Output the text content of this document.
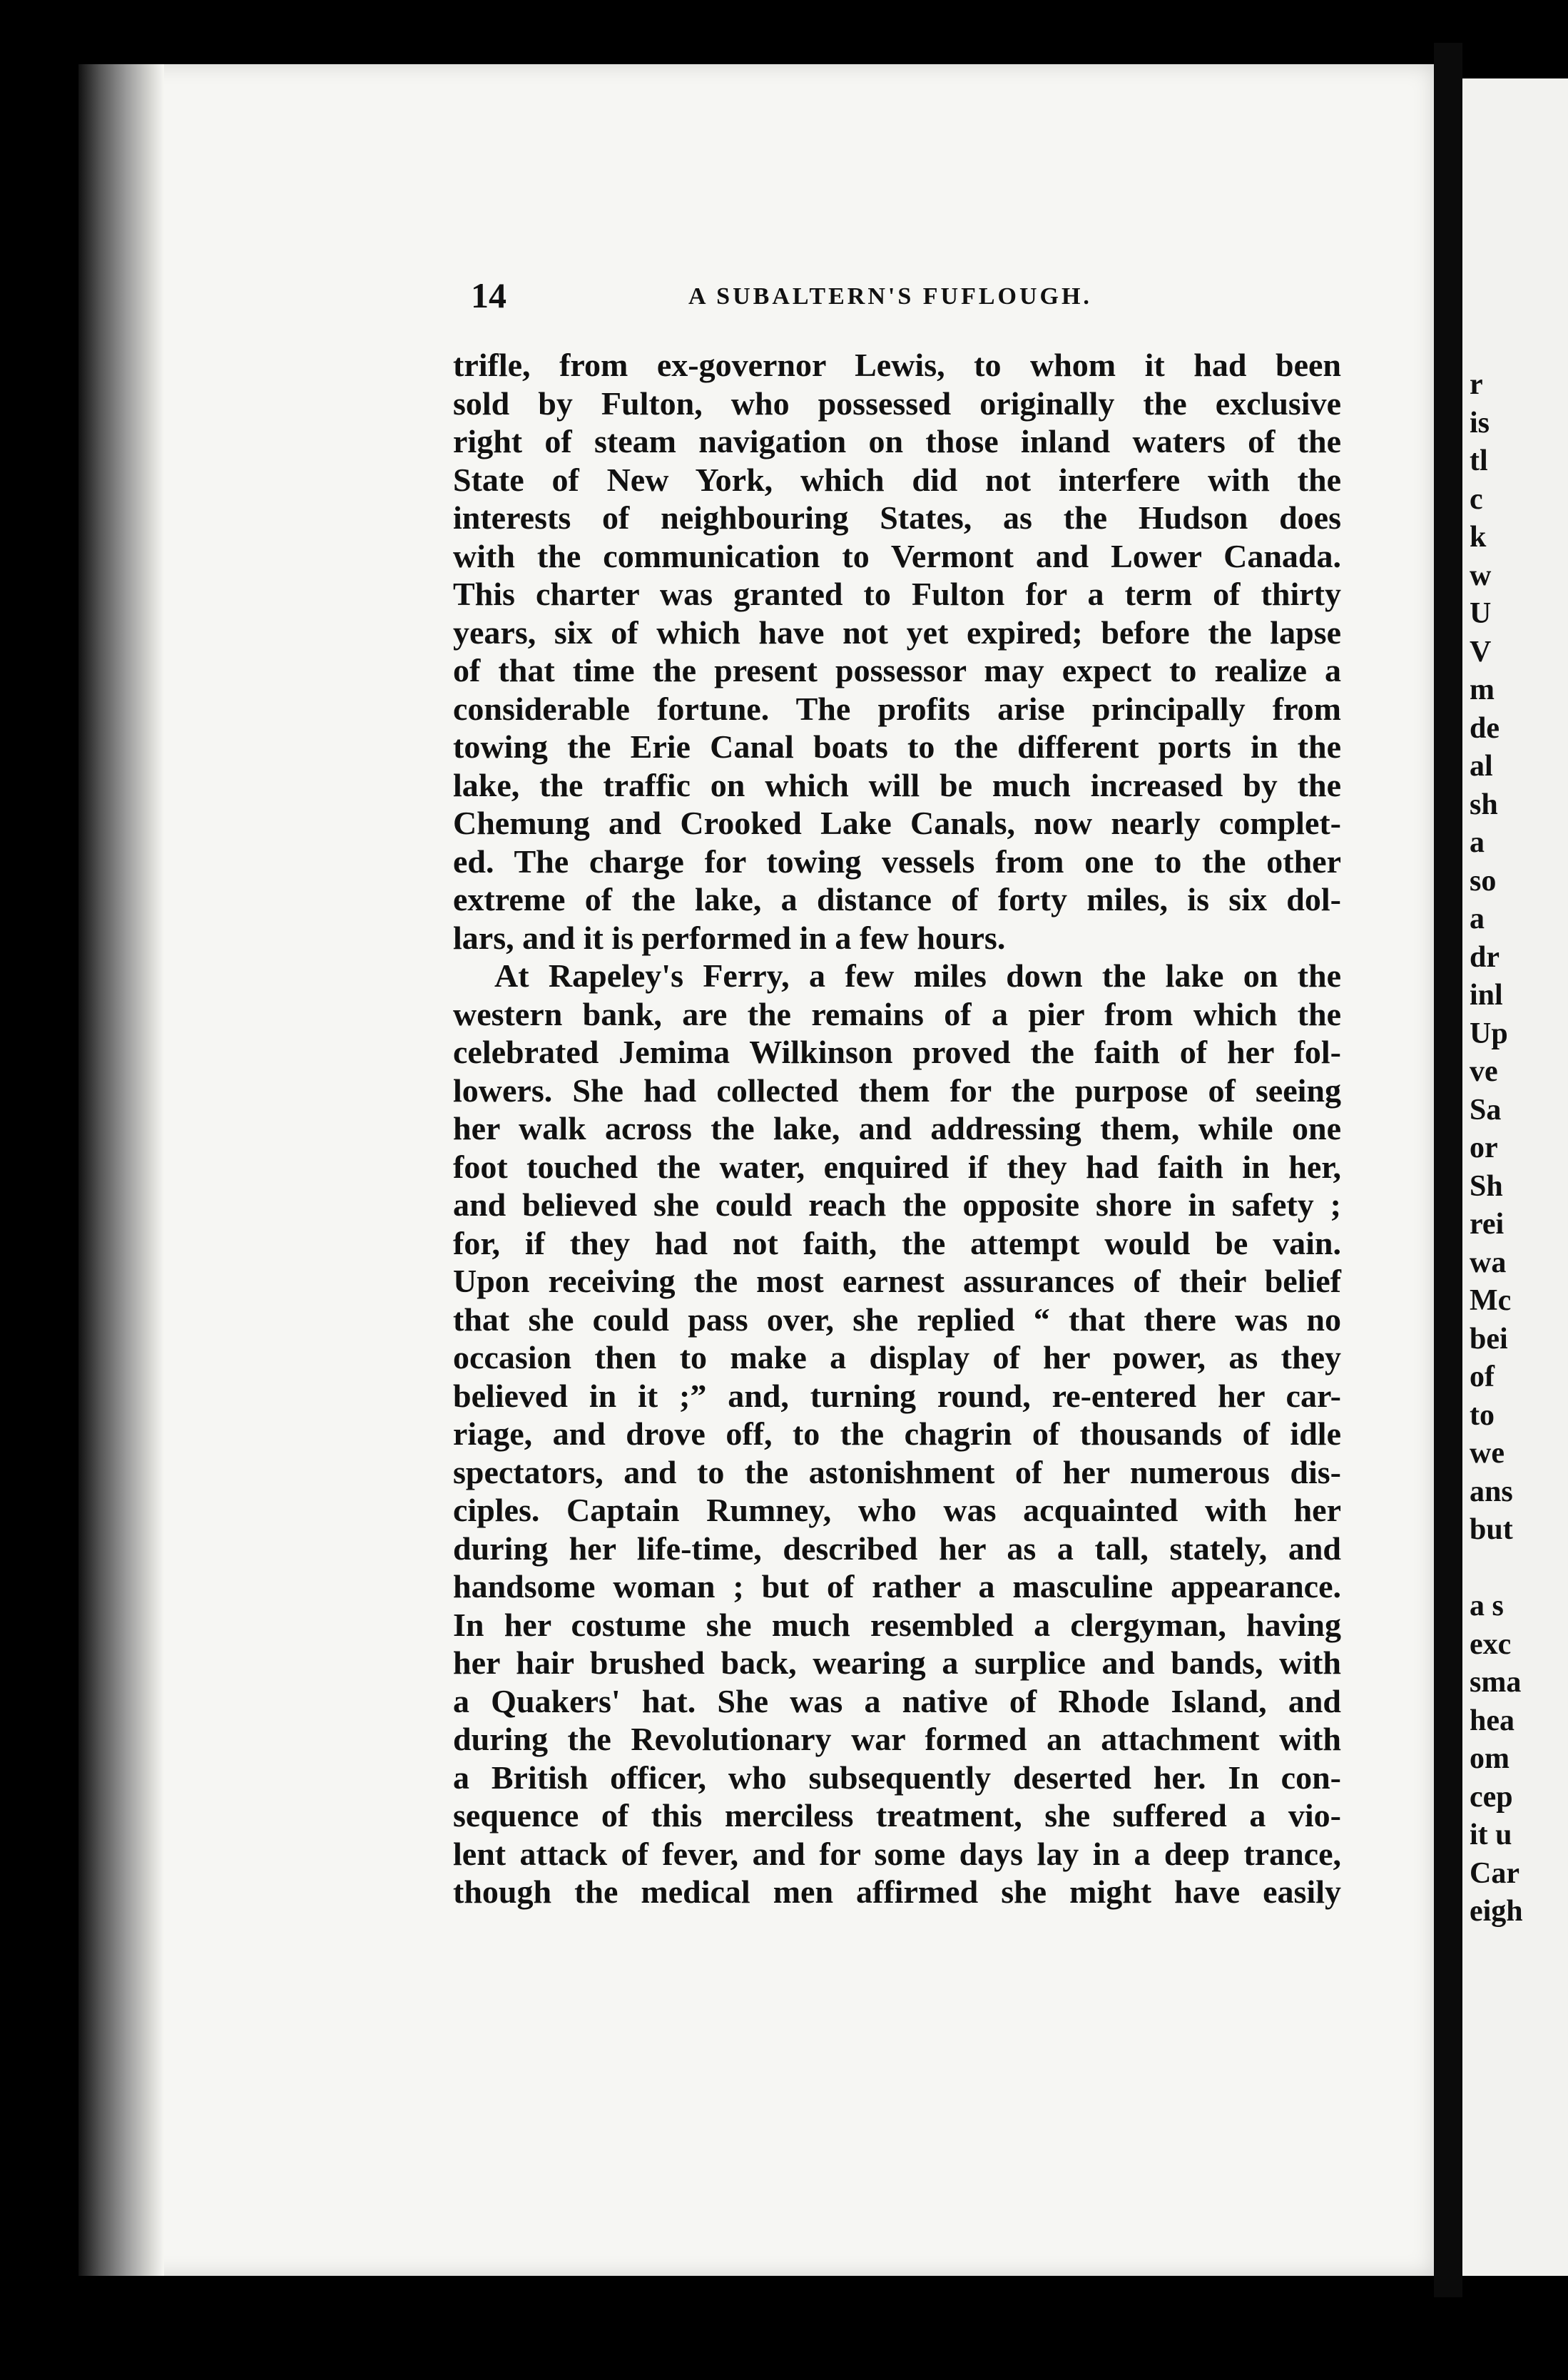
r
is
tl
c
k
w
U
V
m
de
al
sh
a
so
a
dr
inl
Up
ve
Sa
or
Sh
rei
wa
Mc
bei
of
to
we
ans
but
a s
exc
sma
hea
om
cep
it u
Car
eigh
14	A SUBALTERN'S FUFLOUGH.
trifle, from ex-governor Lewis, to whom it had been
sold by Fulton, who possessed originally the exclusive
right of steam navigation on those inland waters of the
State of New York, which did not interfere with the
interests of neighbouring States, as the Hudson does
with the communication to Vermont and Lower Canada.
This charter was granted to Fulton for a term of thirty
years, six of which have not yet expired; before the lapse
of that time the present possessor may expect to realize a
considerable fortune. The profits arise principally from
towing the Erie Canal boats to the different ports in the
lake, the traffic on which will be much increased by the
Chemung and Crooked Lake Canals, now nearly complet-
ed. The charge for towing vessels from one to the other
extreme of the lake, a distance of forty miles, is six dol-
lars, and it is performed in a few hours.
At Rapeley's Ferry, a few miles down the lake on the
western bank, are the remains of a pier from which the
celebrated Jemima Wilkinson proved the faith of her fol-
lowers. She had collected them for the purpose of seeing
her walk across the lake, and addressing them, while one
foot touched the water, enquired if they had faith in her,
and believed she could reach the opposite shore in safety ;
for, if they had not faith, the attempt would be vain.
Upon receiving the most earnest assurances of their belief
that she could pass over, she replied “ that there was no
occasion then to make a display of her power, as they
believed in it ;” and, turning round, re-entered her car-
riage, and drove off, to the chagrin of thousands of idle
spectators, and to the astonishment of her numerous dis-
ciples. Captain Rumney, who was acquainted with her
during her life-time, described her as a tall, stately, and
handsome woman ; but of rather a masculine appearance.
In her costume she much resembled a clergyman, having
her hair brushed back, wearing a surplice and bands, with
a Quakers' hat. She was a native of Rhode Island, and
during the Revolutionary war formed an attachment with
a British officer, who subsequently deserted her. In con-
sequence of this merciless treatment, she suffered a vio-
lent attack of fever, and for some days lay in a deep trance,
though the medical men affirmed she might have easily
